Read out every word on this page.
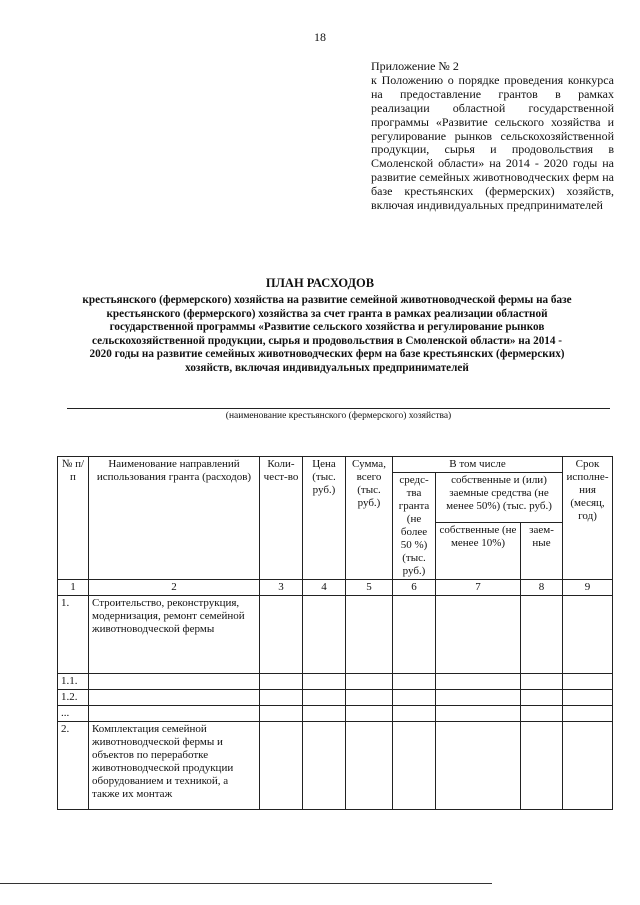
18
Приложение № 2
к Положению о порядке проведения конкурса на предоставление грантов в рамках реализации областной государственной программы «Развитие сельского хозяйства и регулирование рынков сельскохозяйственной продукции, сырья и продовольствия в Смоленской области» на 2014 - 2020 годы на развитие семейных животноводческих ферм на базе крестьянских (фермерских) хозяйств, включая индивидуальных предпринимателей
ПЛАН РАСХОДОВ
крестьянского (фермерского) хозяйства на развитие семейной животноводческой фермы на базе крестьянского (фермерского) хозяйства за счет гранта в рамках реализации областной государственной программы «Развитие сельского хозяйства и регулирование рынков сельскохозяйственной продукции, сырья и продовольствия в Смоленской области» на 2014 - 2020 годы на развитие семейных животноводческих ферм на базе крестьянских (фермерских) хозяйств, включая индивидуальных предпринимателей
(наименование крестьянского (фермерского) хозяйства)
№ п/п	Наименование направлений использования гранта (расходов)	Коли-чест-во	Цена (тыс. руб.)	Сумма, всего (тыс. руб.)	В том числе			Срок исполне-ния (месяц, год)
					средс-тва гранта (не более 50 %) (тыс. руб.)	собственные и (или) заемные средства (не менее 50%) (тыс. руб.)		
						собственные (не менее 10%)	заем-ные	
1	2	3	4	5	6	7	8	9
1.	Строительство, реконструкция, модернизация, ремонт семейной животноводческой фермы							
1.1.								
1.2.								
...								
2.	Комплектация семейной животноводческой фермы и объектов по переработке животноводческой продукции оборудованием и техникой, а также их монтаж							
